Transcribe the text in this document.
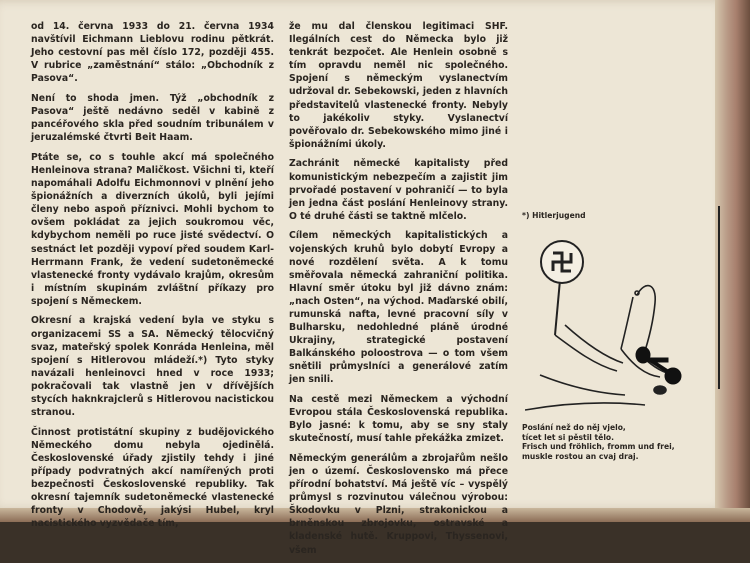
od 14. června 1933 do 21. června 1934 navštívil Eichmann Lieblovu rodinu pětkrát. Jeho cestovní pas měl číslo 172, později 455. V rubrice „zaměstnání“ stálo: „Obchodník z Pasova“.

Není to shoda jmen. Týž „obchodník z Pasova“ ještě nedávno seděl v kabině z pancéřového skla před soudním tribunálem v jeruzalémské čtvrti Beit Haam.

Ptáte se, co s touhle akcí má společného Henleinova strana? Maličkost. Všichni ti, kteří napomáhali Adolfu Eichmonnovi v plnění jeho špionážních a diverzních úkolů, byli jejími členy nebo aspoň příznivci. Mohli bychom to ovšem pokládat za jejich soukromou věc, kdybychom neměli po ruce jisté svědectví. O sestnáct let později vypoví před soudem Karl-Herrmann Frank, že vedení sudetoněmecké vlastenecké fronty vydávalo krajům, okresům i místním skupinám zvláštní příkazy pro spojení s Německem.

Okresní a krajská vedení byla ve styku s organizacemi SS a SA. Německý tělocvičný svaz, mateřský spolek Konráda Henleina, měl spojení s Hitlerovou mládeží.*) Tyto styky navázali henleinovci hned v roce 1933; pokračovali tak vlastně jen v dřívějších stycích haknkrajclerů s Hitlerovou nacistickou stranou.

Činnost protistátní skupiny z budějovického Německého domu nebyla ojedinělá. Československé úřady zjistily tehdy i jiné případy podvratných akcí namířených proti bezpečnosti Československé republiky. Tak okresní tajemník sudetoněmecké vlastenecké fronty v Chodově, jakýsi Hubel, kryl nacistického vyzvědače tím,

že mu dal členskou legitimaci SHF. Ilegálních cest do Německa bylo již tenkrát bezpočet. Ale Henlein osobně s tím opravdu neměl nic společného. Spojení s německým vyslanectvím udržoval dr. Sebekowski, jeden z hlavních představitelů vlastenecké fronty. Nebyly to jakékoliv styky. Vyslanectví pověřovalo dr. Sebekowského mimo jiné i špionážními úkoly.

Zachránit německé kapitalisty před komunistickým nebezpečím a zajistit jim prvořadé postavení v pohraničí — to byla jen jedna část poslání Henleinovy strany. O té druhé části se taktně mlčelo.

Cílem německých kapitalistických a vojenských kruhů bylo dobytí Evropy a nové rozdělení světa. A k tomu směřovala německá zahraniční politika. Hlavní směr útoku byl již dávno znám: „nach Osten“, na východ. Maďarské obilí, rumunská nafta, levné pracovní síly v Bulharsku, nedohledné pláně úrodné Ukrajiny, strategické postavení Balkánského poloostrova — o tom všem snětili průmyslníci a generálové zatím jen snili.

Na cestě mezi Německem a východní Evropou stála Československá republika. Bylo jasné: k tomu, aby se sny staly skutečností, musí tahle překážka zmizet.

Německým generálům a zbrojařům nešlo jen o území. Československo má přece přírodní bohatství. Má ještě víc – vyspělý průmysl s rozvinutou válečnou výrobou: Škodovku v Plzni, strakonickou a brněnskou zbrojovku, ostravské a kladenské hutě. Kruppovi, Thyssenovi, všem

*) Hitlerjugend
Poslání než do něj vjelo,
tícet let si pěstil tělo.
Frisch und fröhlich, fromm und frei,
muskle rostou an cvaj draj.
